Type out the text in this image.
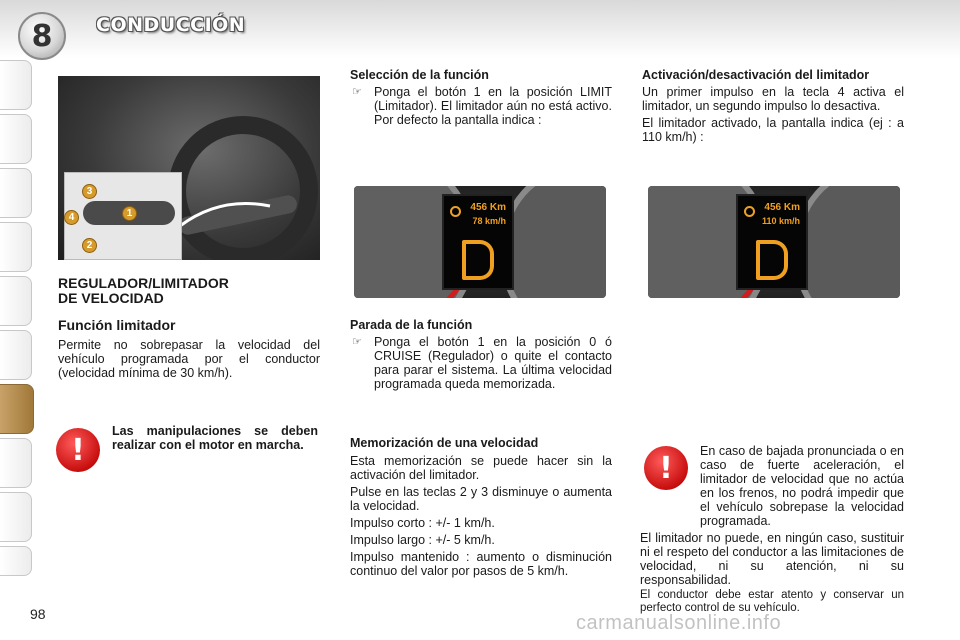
8 CONDUCCIÓN
3
4	1
2
REGULADOR/LIMITADOR
DE VELOCIDAD
Función limitador

Permite no sobrepasar la velocidad del vehículo programada por el conductor (velocidad mínima de 30 km/h).

!
Las manipulaciones se deben realizar con el motor en marcha.

Selección de la función

☞ Ponga el botón 1 en la posición LIMIT (Limitador). El limitador aún no está activo. Por defecto la pantalla indica :
456 Km
78 km/h

Parada de la función

☞ Ponga el botón 1 en la posición 0 ó CRUISE (Regulador) o quite el contacto para parar el sistema. La última velocidad programada queda memorizada.

Memorización de una velocidad

Esta memorización se puede hacer sin la activación del limitador.

Pulse en las teclas 2 y 3 disminuye o aumenta la velocidad.

Impulso corto : +/- 1 km/h.

Impulso largo : +/- 5 km/h.

Impulso mantenido : aumento o disminución continuo del valor por pasos de 5 km/h.

Activación/desactivación del limitador

Un primer impulso en la tecla 4 activa el limitador, un segundo impulso lo desactiva.

El limitador activado, la pantalla indica (ej : a 110 km/h) :

456 Km
110 km/h
!	En caso de bajada pronunciada o en caso de fuerte aceleración, el limitador de velocidad que no actúa en los frenos, no podrá impedir que el vehículo sobrepase la velocidad programada.

El limitador no puede, en ningún caso, sustituir ni el respeto del conductor a las limitaciones de velocidad, ni su atención, ni su responsabilidad.

El conductor debe estar atento y conservar un perfecto control de su vehículo.

98	carmanualsonline.info
